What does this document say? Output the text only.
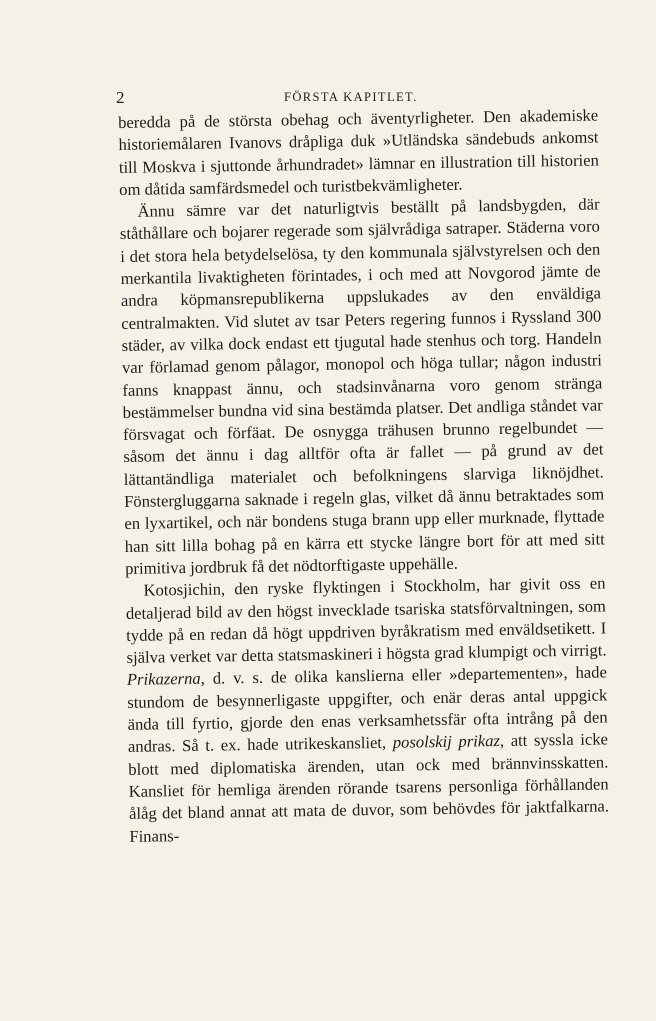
2	FÖRSTA KAPITLET.

beredda på de största obehag och äventyrligheter. Den akademiske historiemålaren Ivanovs dråpliga duk »Utländska sändebuds ankomst till Moskva i sjuttonde århundradet» lämnar en illustration till historien om dåtida samfärdsmedel och turistbekvämligheter.

Ännu sämre var det naturligtvis beställt på landsbygden, där ståthållare och bojarer regerade som självrådiga satraper. Städerna voro i det stora hela betydelselösa, ty den kommunala självstyrelsen och den merkantila livaktigheten förintades, i och med att Novgorod jämte de andra köpmansrepublikerna uppslukades av den enväldiga centralmakten. Vid slutet av tsar Peters regering funnos i Ryssland 300 städer, av vilka dock endast ett tjugutal hade stenhus och torg. Handeln var förlamad genom pålagor, monopol och höga tullar; någon industri fanns knappast ännu, och stadsinvånarna voro genom stränga bestämmelser bundna vid sina bestämda platser. Det andliga ståndet var försvagat och förfäat. De osnygga trähusen brunno regelbundet — såsom det ännu i dag alltför ofta är fallet — på grund av det lättantändliga materialet och befolkningens slarviga liknöjdhet. Fönstergluggarna saknade i regeln glas, vilket då ännu betraktades som en lyxartikel, och när bondens stuga brann upp eller murknade, flyttade han sitt lilla bohag på en kärra ett stycke längre bort för att med sitt primitiva jordbruk få det nödtorftigaste uppehälle.

Kotosjichin, den ryske flyktingen i Stockholm, har givit oss en detaljerad bild av den högst invecklade tsariska statsförvaltningen, som tydde på en redan då högt uppdriven byråkratism med enväldsetikett. I själva verket var detta statsmaskineri i högsta grad klumpigt och virrigt. Prikazerna, d. v. s. de olika kanslierna eller »departementen», hade stundom de besynnerligaste uppgifter, och enär deras antal uppgick ända till fyrtio, gjorde den enas verksamhetssfär ofta intrång på den andras. Så t. ex. hade utrikeskansliet, posolskij prikaz, att syssla icke blott med diplomatiska ärenden, utan ock med brännvinsskatten. Kansliet för hemliga ärenden rörande tsarens personliga förhållanden ålåg det bland annat att mata de duvor, som behövdes för jaktfalkarna. Finans-
